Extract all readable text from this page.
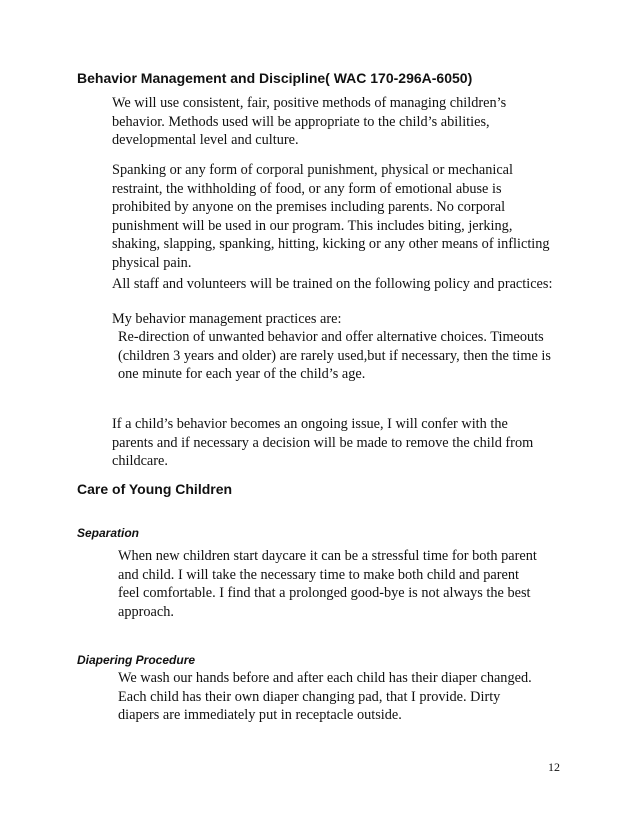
Behavior Management and Discipline( WAC 170-296A-6050)
We will use consistent, fair, positive methods of managing children’s
behavior. Methods used will be appropriate to the child’s abilities,
developmental level and culture.
Spanking or any form of corporal punishment, physical or mechanical
restraint, the withholding of food, or any form of emotional abuse is
prohibited by anyone on the premises including parents. No corporal
punishment will be used in our program. This includes biting, jerking,
shaking, slapping, spanking, hitting, kicking or any other means of inflicting
physical pain.
All staff and volunteers will be trained on the following policy and practices:
My behavior management practices are:
Re-direction of unwanted behavior and offer alternative choices. Timeouts
(children 3 years and older) are rarely used,but if necessary, then the time is
one minute for each year of the child’s age.
If a child’s behavior becomes an ongoing issue, I will confer with the
parents and if necessary a decision will be made to remove the child from
childcare.
Care of Young Children
Separation
When new children start daycare it can be a stressful time for both parent
and child. I will take the necessary time to make both child and parent
feel comfortable. I find that a prolonged good-bye is not always the best
approach.
Diapering Procedure
We wash our hands before and after each child has their diaper changed.
Each child has their own diaper changing pad, that I provide. Dirty
diapers are immediately put in receptacle outside.
12
